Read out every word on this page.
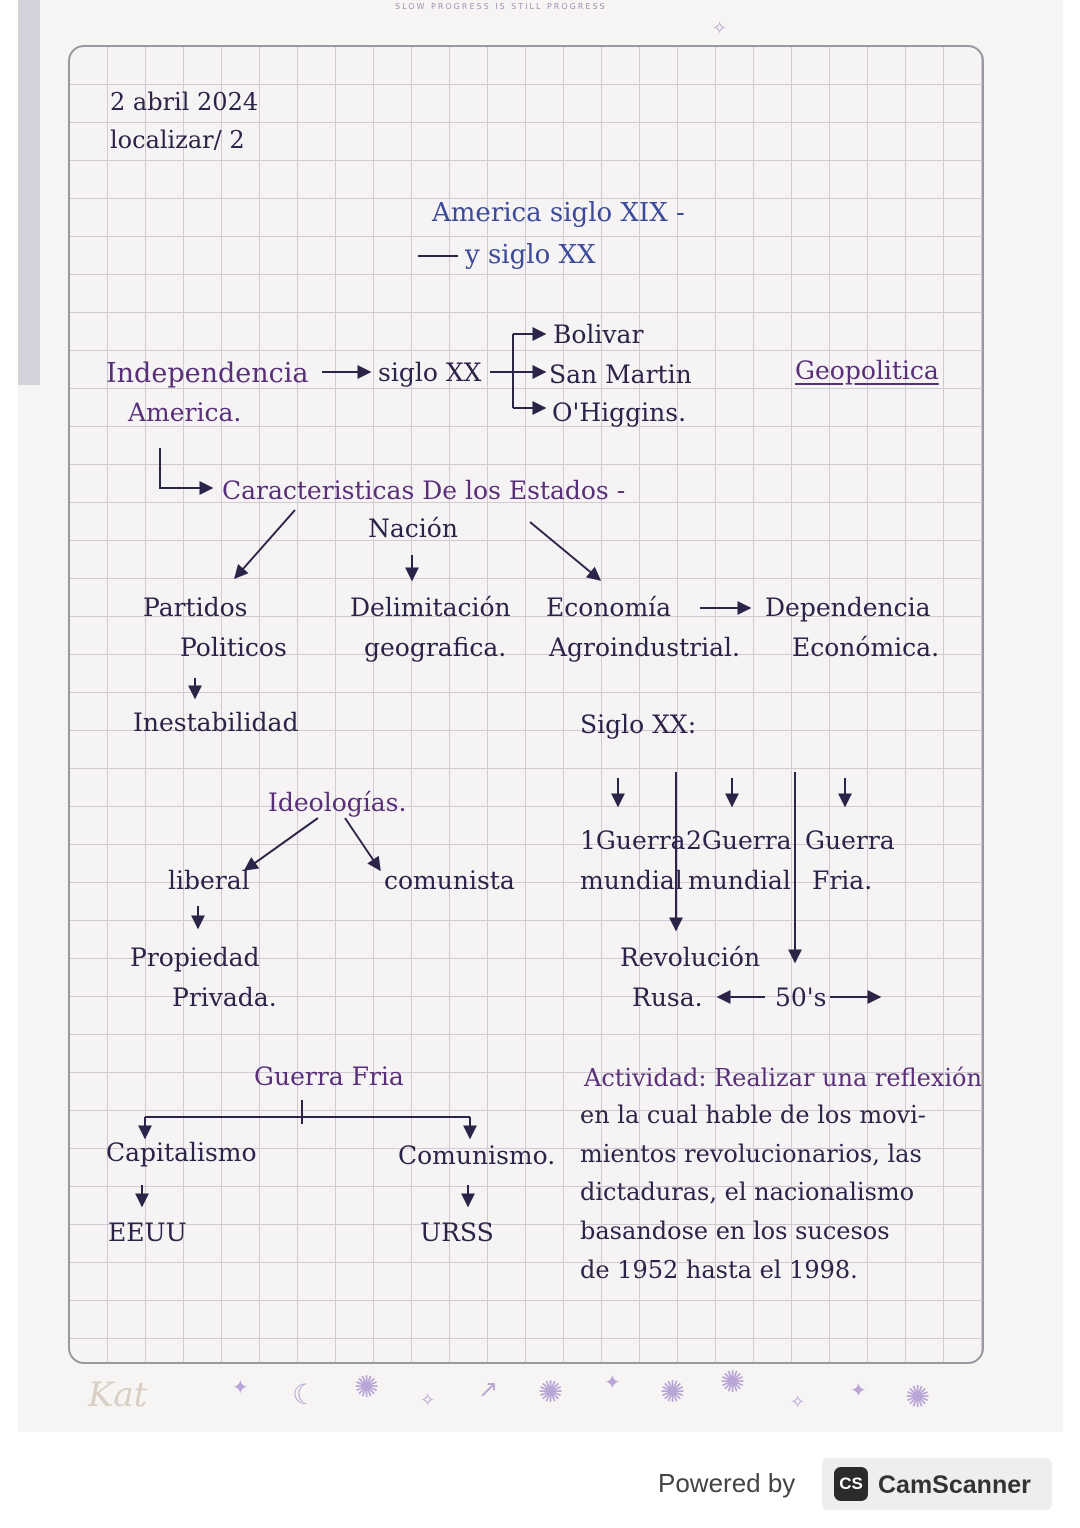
SLOW PROGRESS IS STILL PROGRESS
✧
2 abril 2024
localizar/ 2
America siglo XIX -
y siglo XX
Independencia
America.
siglo XX
Bolivar
San Martin
O'Higgins.
Geopolitica
Caracteristicas De los Estados -
Nación
Partidos
Politicos
Delimitación
geografica.
Economía
Agroindustrial.
Dependencia
Económica.
Inestabilidad
Ideologías.
liberal	comunista
Propiedad
Privada.
Siglo XX:
1Guerra
mundial
2Guerra
mundial
Guerra
Fria.
Revolución
Rusa.	50's
Guerra Fria
Capitalismo	Comunismo.
EEUU	URSS
Actividad: Realizar una reflexión
en la cual hable de los movi-
mientos revolucionarios, las
dictaduras, el nacionalismo
basandose en los sucesos
de 1952 hasta el 1998.
Kat	✦ ☾ ✺ ✧ ↗ ✺ ✦ ✺ ✺
✧
✦ ✺
Powered by	CS CamScanner
